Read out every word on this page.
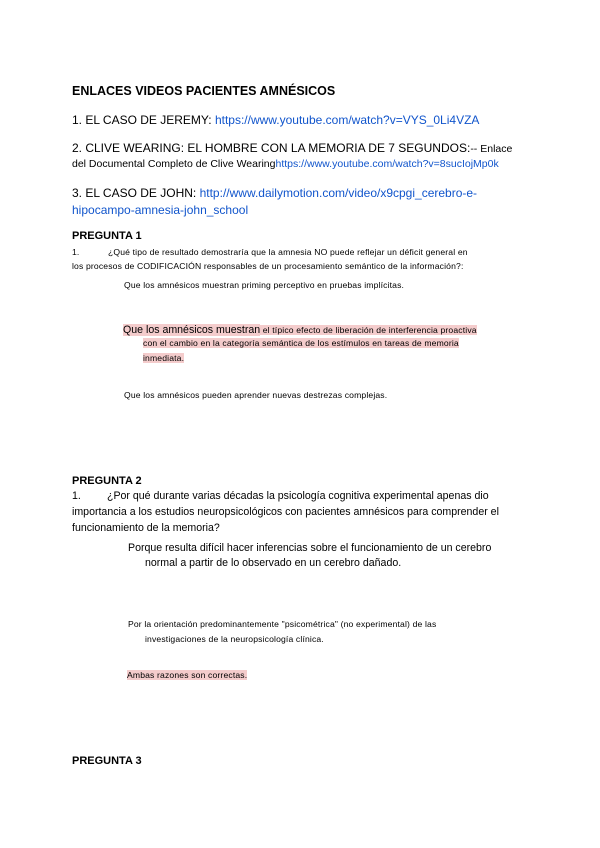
ENLACES VIDEOS PACIENTES AMNÉSICOS
1. EL CASO DE JEREMY: https://www.youtube.com/watch?v=VYS_0Li4VZA
2. CLIVE WEARING: EL HOMBRE CON LA MEMORIA DE 7 SEGUNDOS:-- Enlace
del Documental Completo de Clive Wearinghttps://www.youtube.com/watch?v=8sucIojMp0k
3. EL CASO DE JOHN: http://www.dailymotion.com/video/x9cpgi_cerebro-e-
hipocampo-amnesia-john_school
PREGUNTA 1
1.	¿Qué tipo de resultado demostraría que la amnesia NO puede reflejar un déficit general en
los procesos de CODIFICACIÓN responsables de un procesamiento semántico de la información?:
Que los amnésicos muestran priming perceptivo en pruebas implícitas.
Que los amnésicos muestran el típico efecto de liberación de interferencia proactiva
con el cambio en la categoría semántica de los estímulos en tareas de memoria
inmediata.
Que los amnésicos pueden aprender nuevas destrezas complejas.
PREGUNTA 2
1. ¿Por qué durante varias décadas la psicología cognitiva experimental apenas dio
importancia a los estudios neuropsicológicos con pacientes amnésicos para comprender el
funcionamiento de la memoria?
Porque resulta difícil hacer inferencias sobre el funcionamiento de un cerebro
normal a partir de lo observado en un cerebro dañado.
Por la orientación predominantemente "psicométrica" (no experimental) de las
investigaciones de la neuropsicología clínica.
Ambas razones son correctas.
PREGUNTA 3
